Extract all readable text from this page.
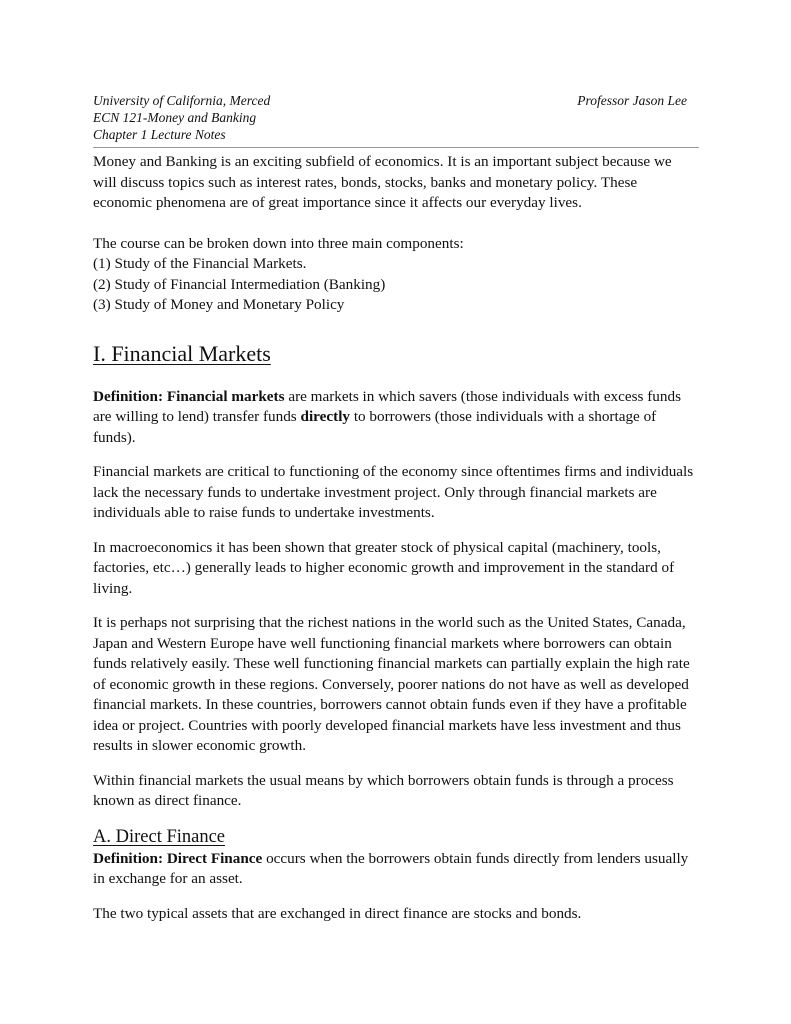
University of California, Merced	Professor Jason Lee
ECN 121-Money and Banking
Chapter 1 Lecture Notes

Money and Banking is an exciting subfield of economics. It is an important subject because we will discuss topics such as interest rates, bonds, stocks, banks and monetary policy. These economic phenomena are of great importance since it affects our everyday lives.

The course can be broken down into three main components:
(1) Study of the Financial Markets.
(2) Study of Financial Intermediation (Banking)
(3) Study of Money and Monetary Policy

I. Financial Markets

Definition: Financial markets are markets in which savers (those individuals with excess funds are willing to lend) transfer funds directly to borrowers (those individuals with a shortage of funds).

Financial markets are critical to functioning of the economy since oftentimes firms and individuals lack the necessary funds to undertake investment project. Only through financial markets are individuals able to raise funds to undertake investments.

In macroeconomics it has been shown that greater stock of physical capital (machinery, tools, factories, etc…) generally leads to higher economic growth and improvement in the standard of living.

It is perhaps not surprising that the richest nations in the world such as the United States, Canada, Japan and Western Europe have well functioning financial markets where borrowers can obtain funds relatively easily. These well functioning financial markets can partially explain the high rate of economic growth in these regions. Conversely, poorer nations do not have as well as developed financial markets. In these countries, borrowers cannot obtain funds even if they have a profitable idea or project. Countries with poorly developed financial markets have less investment and thus results in slower economic growth.

Within financial markets the usual means by which borrowers obtain funds is through a process known as direct finance.

A. Direct Finance

Definition: Direct Finance occurs when the borrowers obtain funds directly from lenders usually in exchange for an asset.

The two typical assets that are exchanged in direct finance are stocks and bonds.
